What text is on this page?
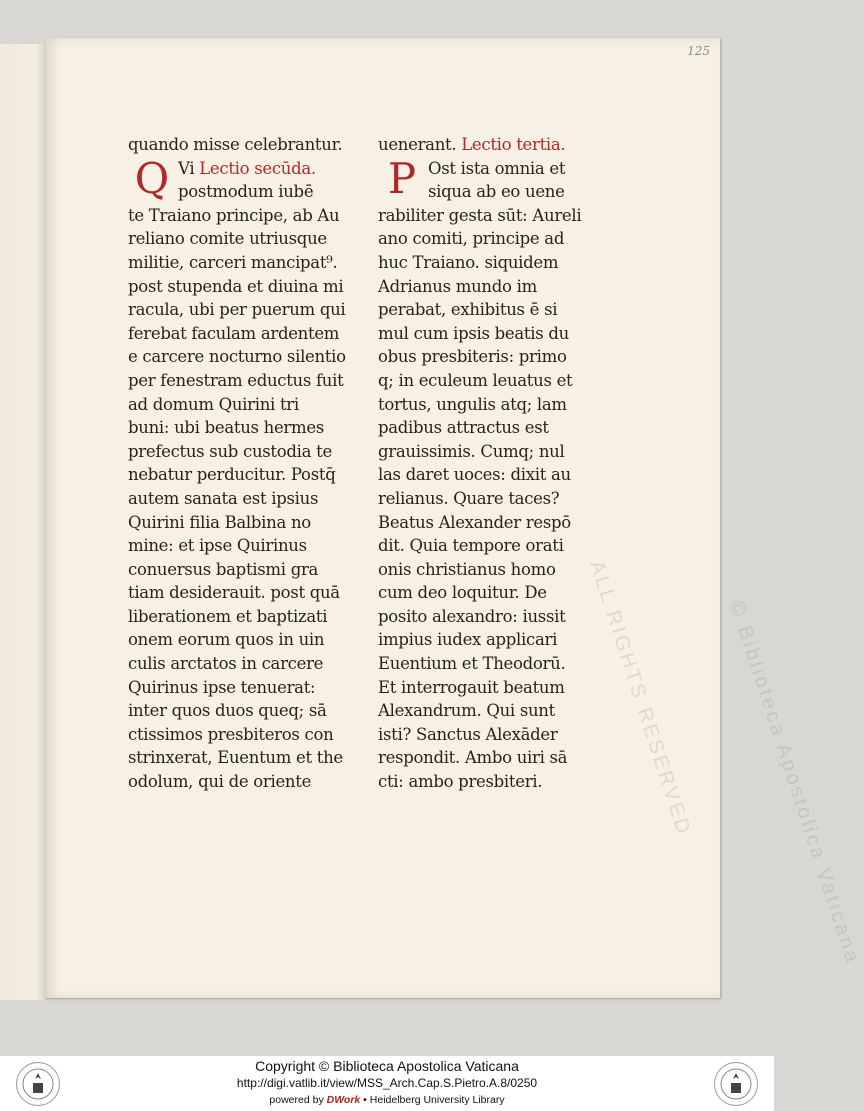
125
quando misse celebrantur.
Q Vi Lectio secūda.
postmodum iubē
te Traiano principe, ab Au
reliano comite utriusque
militie, carceri mancipat⁹.
post stupenda et diuina mi
racula, ubi per puerum qui
ferebat faculam ardentem
e carcere nocturno silentio
per fenestram eductus fuit
ad domum Quirini tri
buni: ubi beatus hermes
prefectus sub custodia te
nebatur perducitur. Postq̄
autem sanata est ipsius
Quirini filia Balbina no
mine: et ipse Quirinus
conuersus baptismi gra
tiam desiderauit. post quā
liberationem et baptizati
onem eorum quos in uin
culis arctatos in carcere
Quirinus ipse tenuerat:
inter quos duos queq; sā
ctissimos presbiteros con
strinxerat, Euentum et the
odolum, qui de oriente
uenerant. Lectio tertia.
P Ost ista omnia et
siqua ab eo uene
rabiliter gesta sūt: Aureli
ano comiti, principe ad
huc Traiano. siquidem
Adrianus mundo im
perabat, exhibitus ē si
mul cum ipsis beatis du
obus presbiteris: primo
q; in eculeum leuatus et
tortus, ungulis atq; lam
padibus attractus est
grauissimis. Cumq; nul
las daret uoces: dixit au
relianus. Quare taces?
Beatus Alexander respō
dit. Quia tempore orati
onis christianus homo
cum deo loquitur. De
posito alexandro: iussit
impius iudex applicari
Euentium et Theodorū.
Et interrogauit beatum
Alexandrum. Qui sunt
isti? Sanctus Alexāder
respondit. Ambo uiri sā
cti: ambo presbiteri.	ALL RIGHTS RESERVED © Biblioteca Apostolica Vaticana
Copyright © Biblioteca Apostolica Vaticana
http://digi.vatlib.it/view/MSS_Arch.Cap.S.Pietro.A.8/0250
powered by DWork • Heidelberg University Library
